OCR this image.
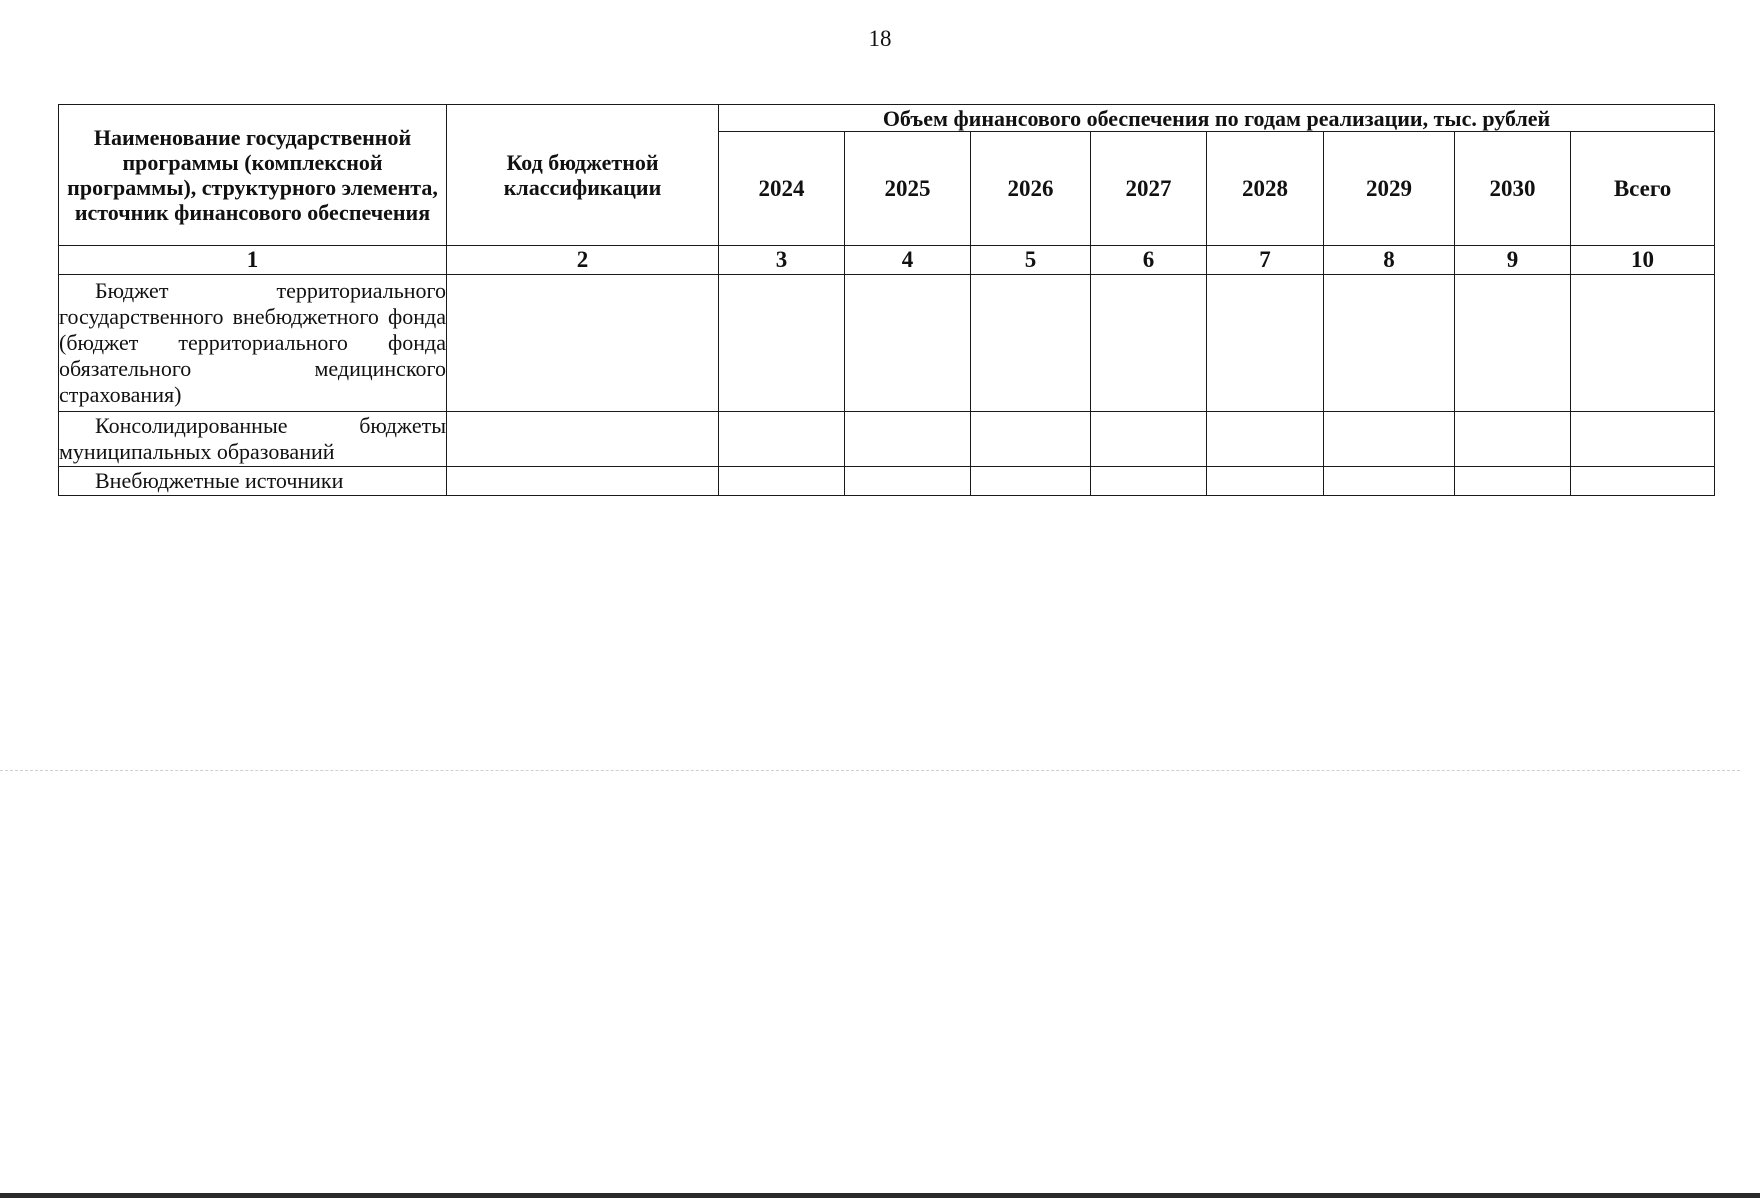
18
Наименование государственной программы (комплексной программы), структурного элемента, источник финансового обеспечения	Код бюджетной классификации	Объем финансового обеспечения по годам реализации, тыс. рублей							
		2024	2025	2026	2027	2028	2029	2030	Всего
1	2	3	4	5	6	7	8	9	10
Бюджет территориального государственного внебюджетного фонда (бюджет территориального фонда обязательного медицинского страхования)									
Консолидированные бюджеты муниципальных образований									
Внебюджетные источники									
